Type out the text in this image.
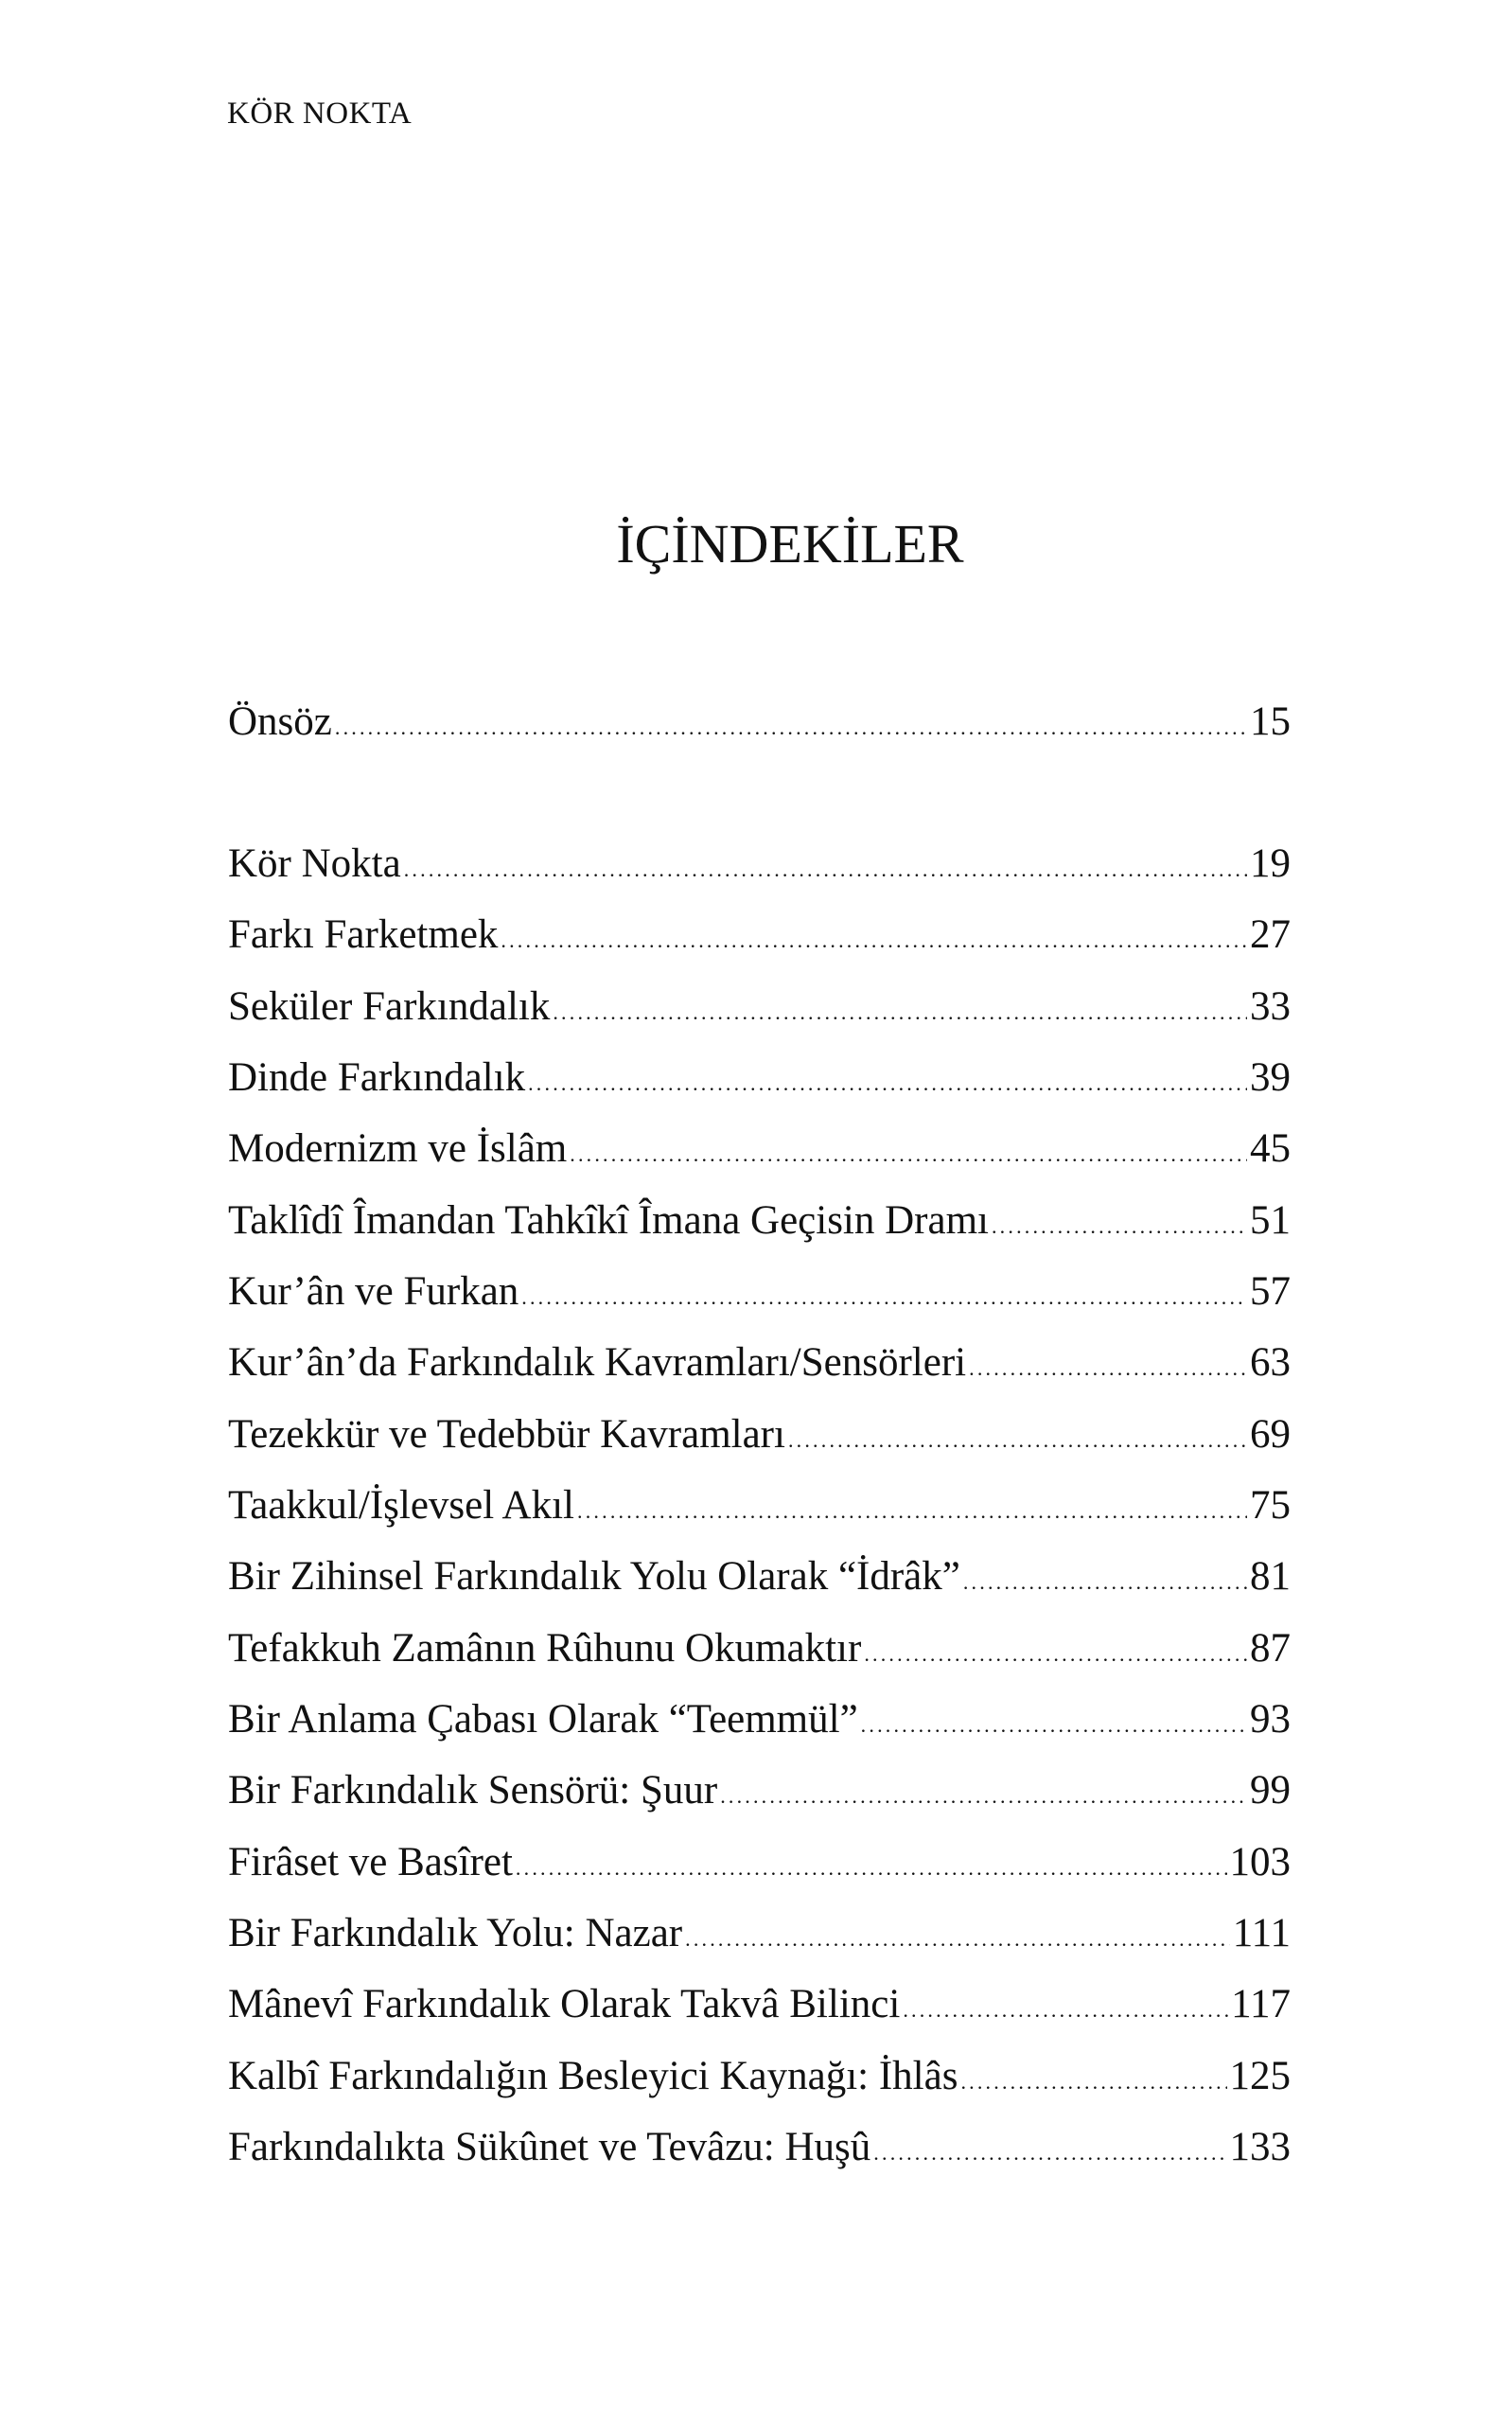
KÖR NOKTA
İÇİNDEKİLER
Önsöz .....	15
Kör Nokta .....	19
Farkı Farketmek .....	27
Seküler Farkındalık .....	33
Dinde Farkındalık .....	39
Modernizm ve İslâm .....	45
Taklîdî Îmandan Tahkîkî Îmana Geçisin Dramı .....	51
Kur’ân ve Furkan .....	57
Kur’ân’da Farkındalık Kavramları/Sensörleri .....	63
Tezekkür ve Tedebbür Kavramları .....	69
Taakkul/İşlevsel Akıl .....	75
Bir Zihinsel Farkındalık Yolu Olarak “İdrâk” .....	81
Tefakkuh Zamânın Rûhunu Okumaktır .....	87
Bir Anlama Çabası Olarak “Teemmül” .....	93
Bir Farkındalık Sensörü: Şuur .....	99
Firâset ve Basîret .....	103
Bir Farkındalık Yolu: Nazar .....	111
Mânevî Farkındalık Olarak Takvâ Bilinci .....	117
Kalbî Farkındalığın Besleyici Kaynağı: İhlâs .....	125
Farkındalıkta Sükûnet ve Tevâzu: Huşû .....	133
